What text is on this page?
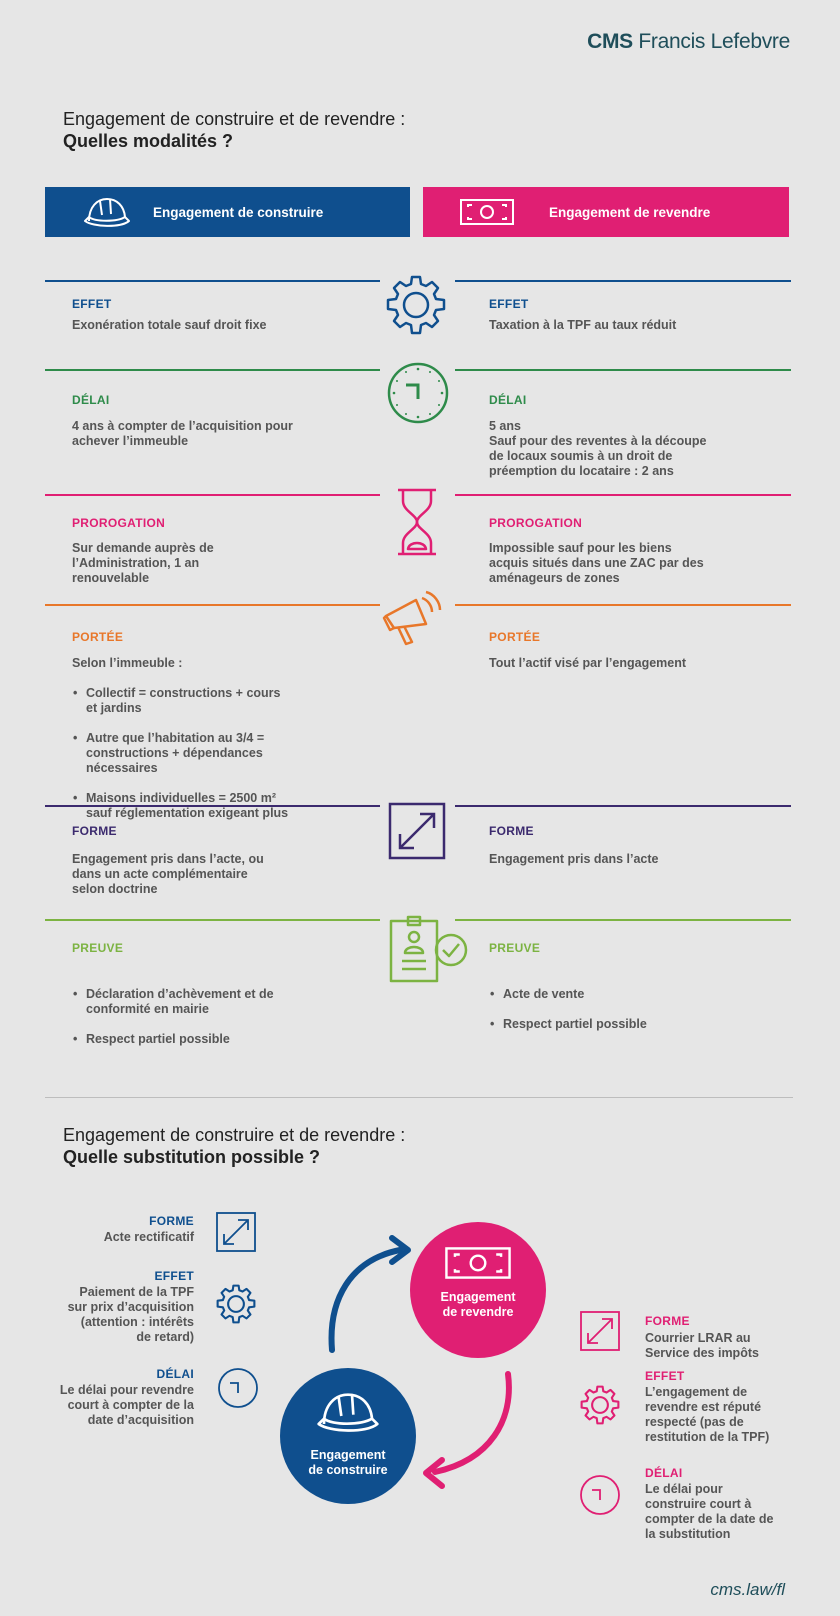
CMS Francis Lefebvre
Engagement de construire et de revendre :
Quelles modalités ?
Engagement de construire	Engagement de revendre
EFFET
Exonération totale sauf droit fixe
EFFET
Taxation à la TPF au taux réduit
DÉLAI
4 ans à compter de l’acquisition pour
achever l’immeuble
DÉLAI
5 ans
Sauf pour des reventes à la découpe
de locaux soumis à un droit de
préemption du locataire : 2 ans
PROROGATION
Sur demande auprès de
l’Administration, 1 an
renouvelable
PROROGATION
Impossible sauf pour les biens
acquis situés dans une ZAC par des
aménageurs de zones
PORTÉE
Selon l’immeuble :

• Collectif = constructions + cours
et jardins

• Autre que l’habitation au 3/4 =
constructions + dépendances
nécessaires

• Maisons individuelles = 2500 m²
sauf réglementation exigeant plus

PORTÉE
Tout l’actif visé par l’engagement
FORME
Engagement pris dans l’acte, ou
dans un acte complémentaire
selon doctrine
FORME
Engagement pris dans l’acte
PREUVE

• Déclaration d’achèvement et de
conformité en mairie

• Respect partiel possible

PREUVE

• Acte de vente

• Respect partiel possible

Engagement de construire et de revendre :
Quelle substitution possible ?
FORME
Acte rectificatif
EFFET
Paiement de la TPF
sur prix d’acquisition
(attention : intérêts
de retard)
DÉLAI
Le délai pour revendre
court à compter de la
date d’acquisition
Engagement
de revendre
Engagement
de construire
FORME
Courrier LRAR au
Service des impôts
EFFET
L’engagement de
revendre est réputé
respecté (pas de
restitution de la TPF)
DÉLAI
Le délai pour
construire court à
compter de la date de
la substitution
cms.law/fl
